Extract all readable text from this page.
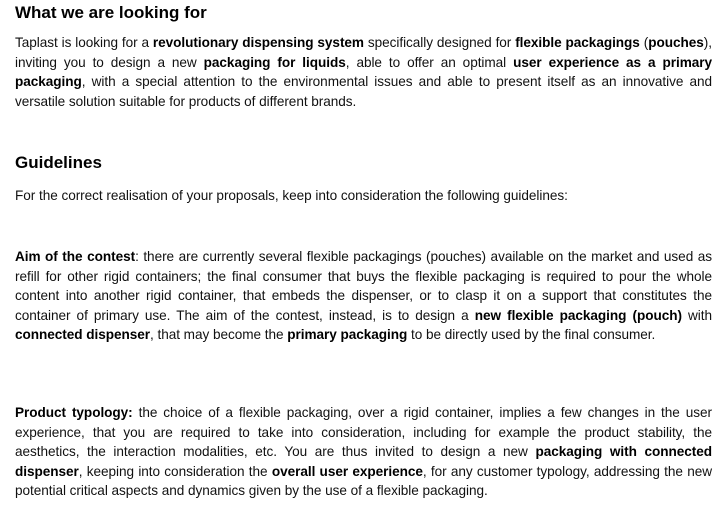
What we are looking for

Taplast is looking for a revolutionary dispensing system specifically designed for flexible packagings (pouches), inviting you to design a new packaging for liquids, able to offer an optimal user experience as a primary packaging, with a special attention to the environmental issues and able to present itself as an innovative and versatile solution suitable for products of different brands.

Guidelines

For the correct realisation of your proposals, keep into consideration the following guidelines:

Aim of the contest: there are currently several flexible packagings (pouches) available on the market and used as refill for other rigid containers; the final consumer that buys the flexible packaging is required to pour the whole content into another rigid container, that embeds the dispenser, or to clasp it on a support that constitutes the container of primary use. The aim of the contest, instead, is to design a new flexible packaging (pouch) with connected dispenser, that may become the primary packaging to be directly used by the final consumer.

Product typology: the choice of a flexible packaging, over a rigid container, implies a few changes in the user experience, that you are required to take into consideration, including for example the product stability, the aesthetics, the interaction modalities, etc. You are thus invited to design a new packaging with connected dispenser, keeping into consideration the overall user experience, for any customer typology, addressing the new potential critical aspects and dynamics given by the use of a flexible packaging.
